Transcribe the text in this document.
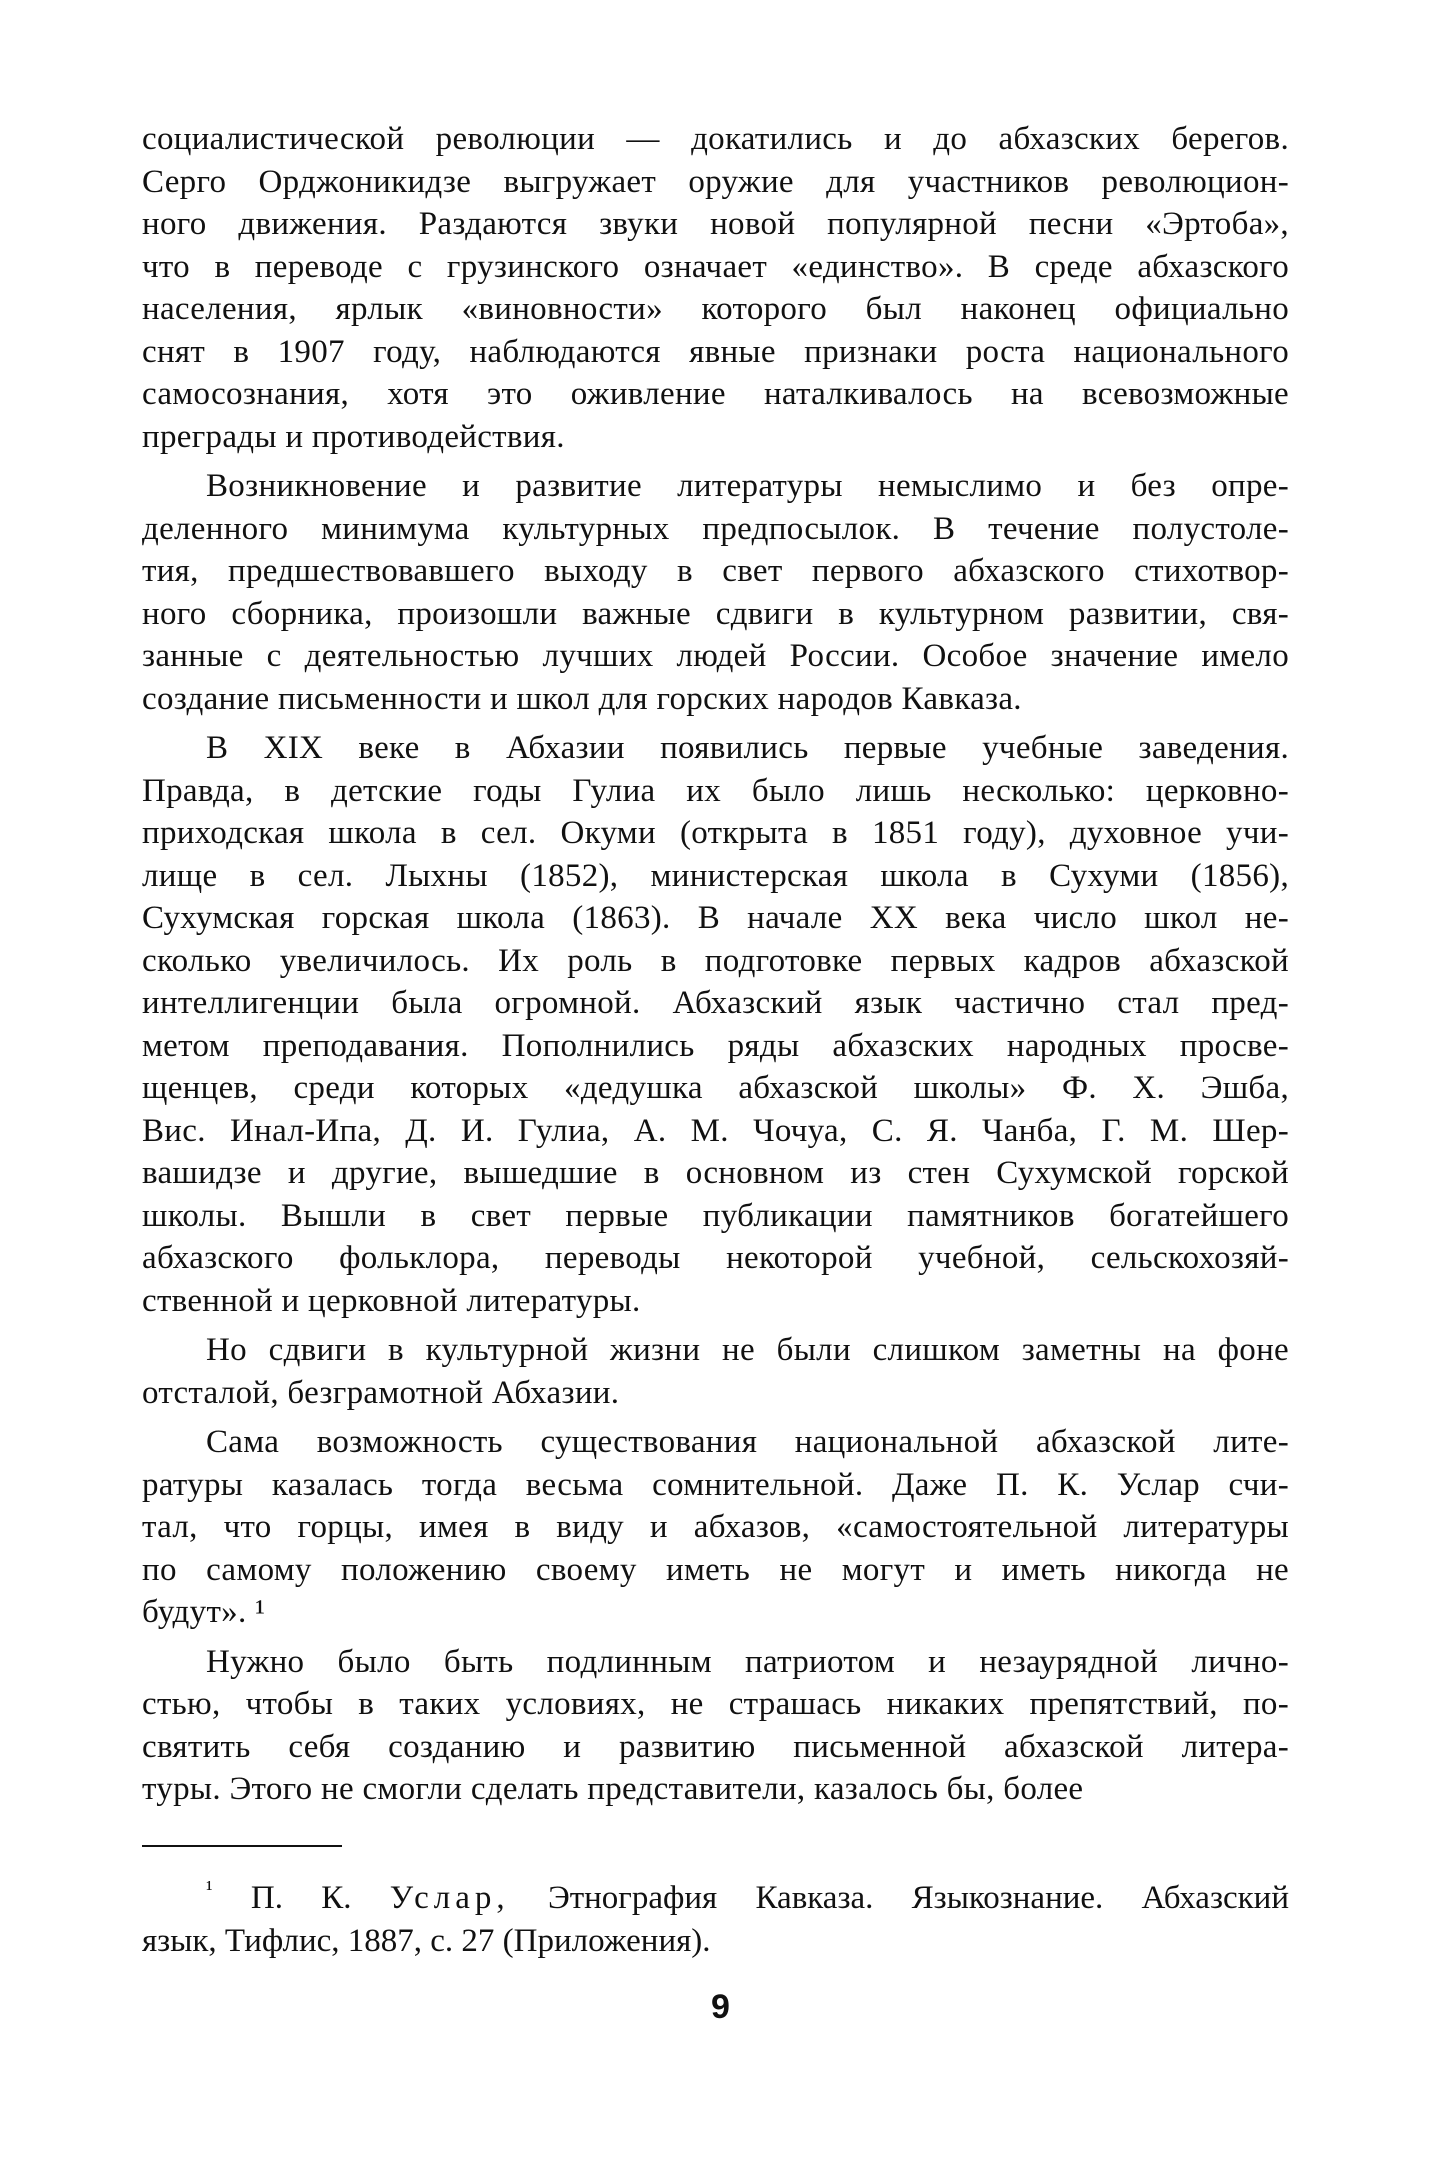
социалистической революции — докатились и до абхазских берегов.
Серго Орджоникидзе выгружает оружие для участников революцион-
ного движения. Раздаются звуки новой популярной песни «Эртоба»,
что в переводе с грузинского означает «единство». В среде абхазского
населения, ярлык «виновности» которого был наконец официально
снят в 1907 году, наблюдаются явные признаки роста национального
самосознания, хотя это оживление наталкивалось на всевозможные
преграды и противодействия.
Возникновение и развитие литературы немыслимо и без опре-
деленного минимума культурных предпосылок. В течение полустоле-
тия, предшествовавшего выходу в свет первого абхазского стихотвор-
ного сборника, произошли важные сдвиги в культурном развитии, свя-
занные с деятельностью лучших людей России. Особое значение имело
создание письменности и школ для горских народов Кавказа.
В XIX веке в Абхазии появились первые учебные заведения.
Правда, в детские годы Гулиа их было лишь несколько: церковно-
приходская школа в сел. Окуми (открыта в 1851 году), духовное учи-
лище в сел. Лыхны (1852), министерская школа в Сухуми (1856),
Сухумская горская школа (1863). В начале XX века число школ не-
сколько увеличилось. Их роль в подготовке первых кадров абхазской
интеллигенции была огромной. Абхазский язык частично стал пред-
метом преподавания. Пополнились ряды абхазских народных просве-
щенцев, среди которых «дедушка абхазской школы» Ф. Х. Эшба,
Вис. Инал-Ипа, Д. И. Гулиа, А. М. Чочуа, С. Я. Чанба, Г. М. Шер-
вашидзе и другие, вышедшие в основном из стен Сухумской горской
школы. Вышли в свет первые публикации памятников богатейшего
абхазского фольклора, переводы некоторой учебной, сельскохозяй-
ственной и церковной литературы.
Но сдвиги в культурной жизни не были слишком заметны на фоне
отсталой, безграмотной Абхазии.
Сама возможность существования национальной абхазской лите-
ратуры казалась тогда весьма сомнительной. Даже П. К. Услар счи-
тал, что горцы, имея в виду и абхазов, «самостоятельной литературы
по самому положению своему иметь не могут и иметь никогда не
будут». ¹
Нужно было быть подлинным патриотом и незаурядной лично-
стью, чтобы в таких условиях, не страшась никаких препятствий, по-
святить себя созданию и развитию письменной абхазской литера-
туры. Этого не смогли сделать представители, казалось бы, более
$^{^1}$ П. К. Услар, Этнография Кавказа. Языкознание. Абхазский
язык, Тифлис, 1887, с. 27 (Приложения).
9
